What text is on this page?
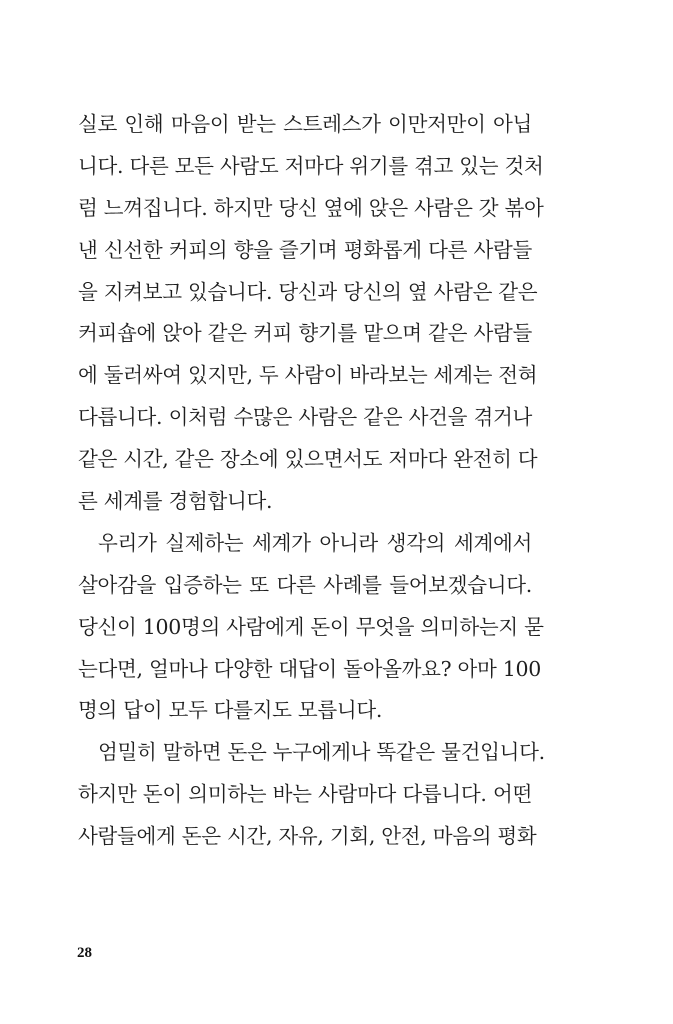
실로 인해 마음이 받는 스트레스가 이만저만이 아닙
니다. 다른 모든 사람도 저마다 위기를 겪고 있는 것처
럼 느껴집니다. 하지만 당신 옆에 앉은 사람은 갓 볶아
낸 신선한 커피의 향을 즐기며 평화롭게 다른 사람들
을 지켜보고 있습니다. 당신과 당신의 옆 사람은 같은
커피숍에 앉아 같은 커피 향기를 맡으며 같은 사람들
에 둘러싸여 있지만, 두 사람이 바라보는 세계는 전혀
다릅니다. 이처럼 수많은 사람은 같은 사건을 겪거나
같은 시간, 같은 장소에 있으면서도 저마다 완전히 다
른 세계를 경험합니다.
우리가 실제하는 세계가 아니라 생각의 세계에서
살아감을 입증하는 또 다른 사례를 들어보겠습니다.
당신이 100명의 사람에게 돈이 무엇을 의미하는지 묻
는다면, 얼마나 다양한 대답이 돌아올까요? 아마 100
명의 답이 모두 다를지도 모릅니다.
엄밀히 말하면 돈은 누구에게나 똑같은 물건입니다.
하지만 돈이 의미하는 바는 사람마다 다릅니다. 어떤
사람들에게 돈은 시간, 자유, 기회, 안전, 마음의 평화
28
